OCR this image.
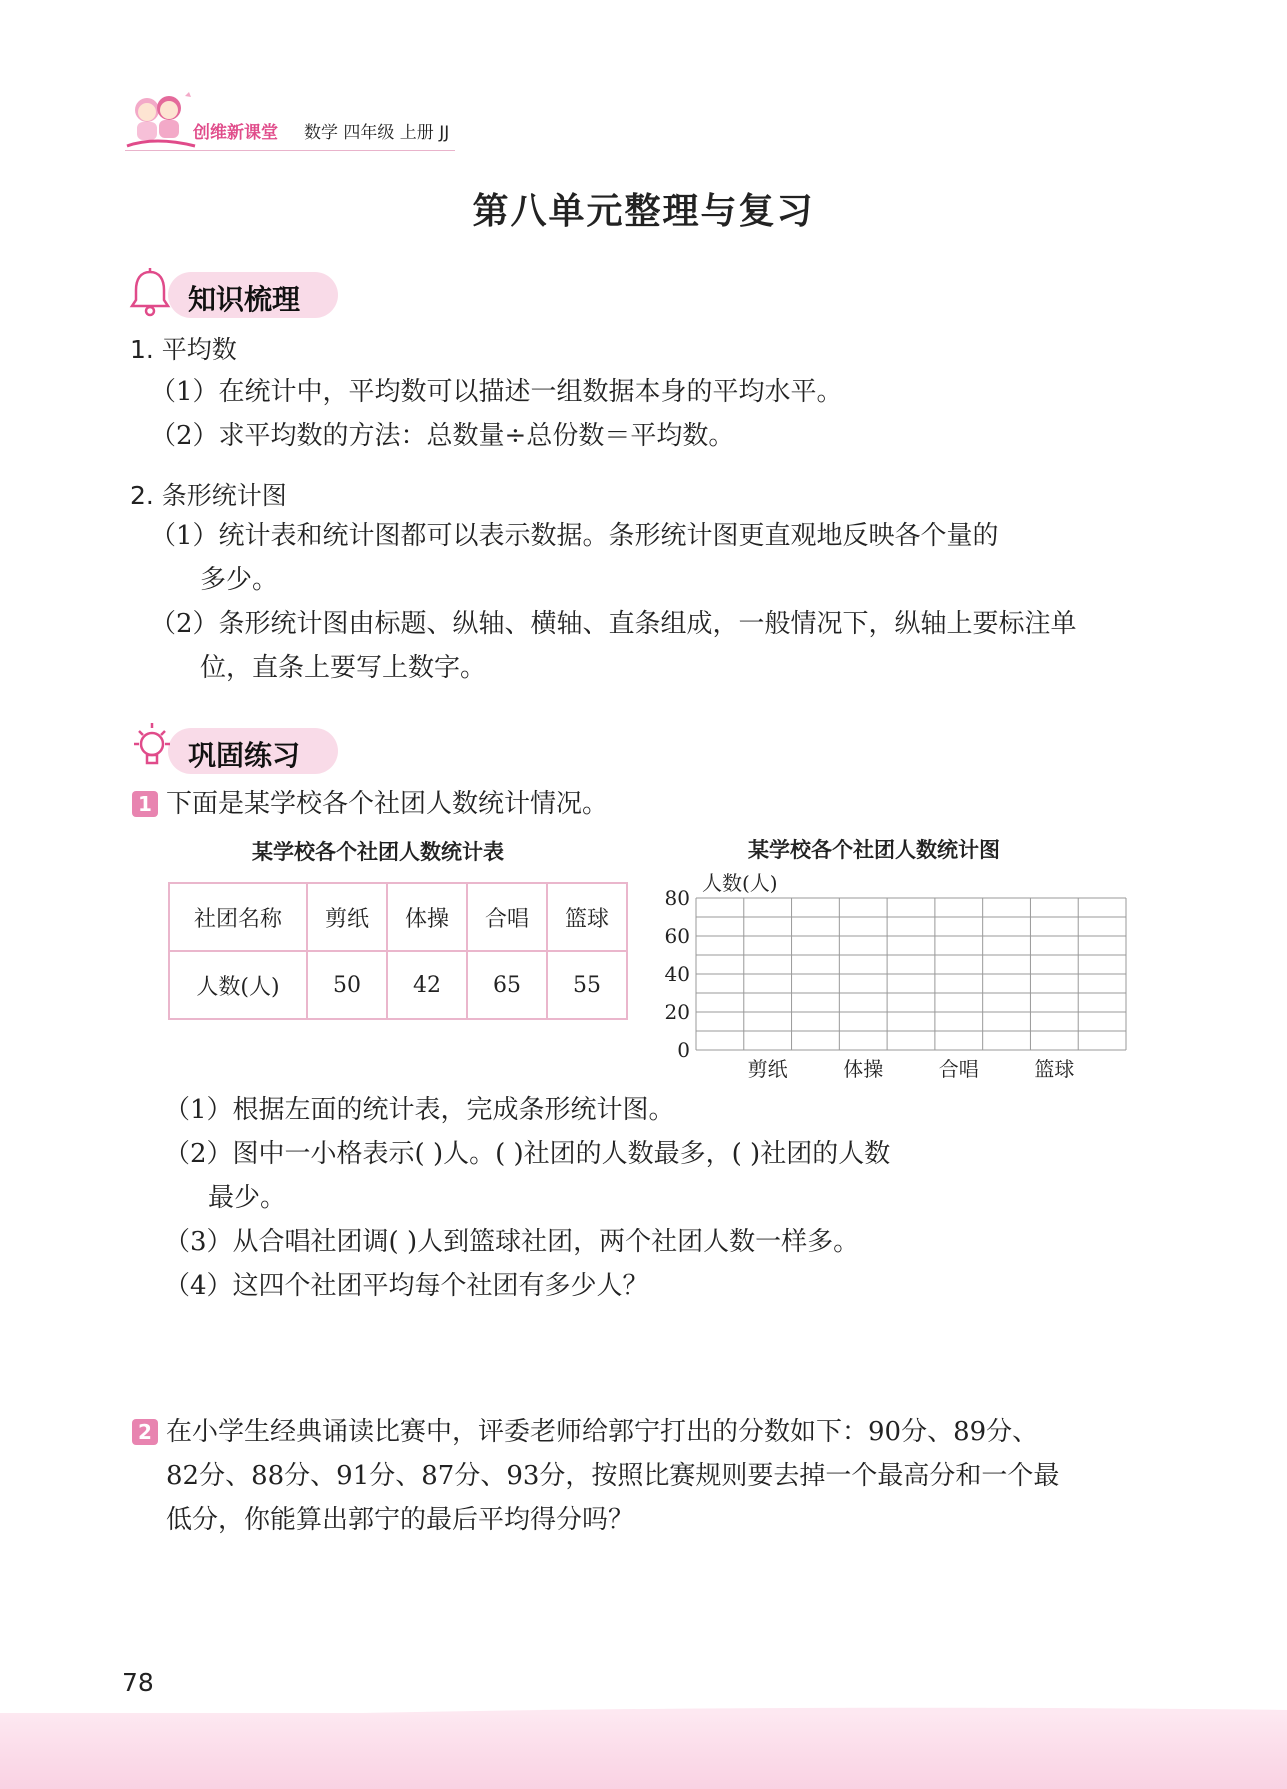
创维新课堂 数学 四年级 上册 JJ
第八单元整理与复习
知识梳理
1. 平均数
（1）在统计中，平均数可以描述一组数据本身的平均水平。
（2）求平均数的方法：总数量÷总份数＝平均数。
2. 条形统计图
（1）统计表和统计图都可以表示数据。条形统计图更直观地反映各个量的
多少。
（2）条形统计图由标题、纵轴、横轴、直条组成，一般情况下，纵轴上要标注单
位，直条上要写上数字。
巩固练习
1 下面是某学校各个社团人数统计情况。
某学校各个社团人数统计表
社团名称	剪纸	体操	合唱	篮球
人数(人)	50	42	65	55
某学校各个社团人数统计图
0
20
40
60
80
人数(人)
剪纸	体操	合唱	篮球
（1）根据左面的统计表，完成条形统计图。
（2）图中一小格表示( )人。( )社团的人数最多，( )社团的人数
最少。
（3）从合唱社团调( )人到篮球社团，两个社团人数一样多。
（4）这四个社团平均每个社团有多少人？
2 在小学生经典诵读比赛中，评委老师给郭宁打出的分数如下：90分、89分、
82分、88分、91分、87分、93分，按照比赛规则要去掉一个最高分和一个最
低分，你能算出郭宁的最后平均得分吗？
78
